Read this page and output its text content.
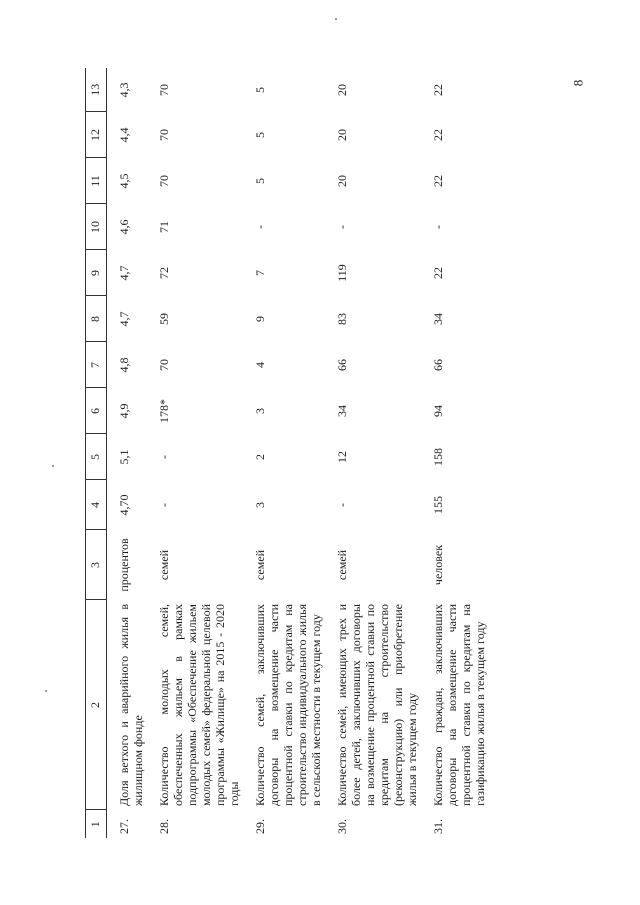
8
1	2	3	4	5	6	7	8	9	10	11	12	13
27.	Доля ветхого и аварийного жилья в жилищном фонде	процентов	4,70	5,1	4,9	4,8	4,7	4,7	4,6	4,5	4,4	4,3
28.	Количество молодых семей, обеспеченных жильем в рамках подпрограммы «Обеспечение жильем молодых семей» федеральной целевой программы «Жилище» на 2015 - 2020 годы	семей	-	-	178*	70	59	72	71	70	70	70
29.	Количество семей, заключивших договоры на возмещение части процентной ставки по кредитам на строительство индивидуального жилья в сельской местности в текущем году	семей	3	2	3	4	9	7	-	5	5	5
30.	Количество семей, имеющих трех и более детей, заключивших договоры на возмещение процентной ставки по кредитам на строительство (реконструкцию) или приобретение жилья в текущем году	семей	-	12	34	66	83	119	-	20	20	20
31.	Количество граждан, заключивших договоры на возмещение части процентной ставки по кредитам на газификацию жилья в текущем году	человек	155	158	94	66	34	22	-	22	22	22
